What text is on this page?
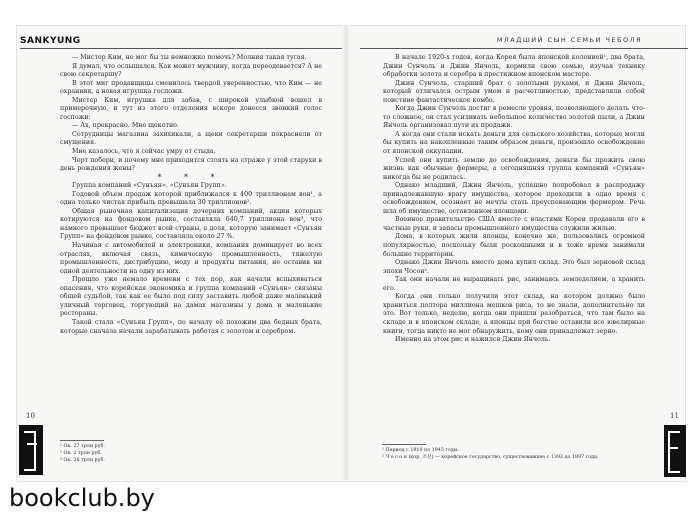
SANKYUNG	МЛАДШИЙ СЫН СЕМЬИ ЧЕБОЛЯ

— Мистер Ким, не мог бы ты немножко помочь? Молния такая тугая.

Я думал, что ослышался. Как может мужчину, когда переодевается? А не свою секретаршу?

В этот миг продавщицы сменилось твердой уверенностью, что Ким — не охранник, а новая игрушка госпожи.

Мистер Ким, игрушка для забав, с широкой улыбкой вошел в примерочную, и тут из этого отделения вскоре донесся звонкий голос госпожи:

— Ах, прекрасно. Мне щекотно.

Сотрудницы магазина захихикали, а щеки секретарши покраснели от смущения.

Мне казалось, что я сейчас умру от стыда.

Черт побери, и почему мне приходится стоять на страже у этой старухи в день рождения жены?

* * *

Группа компаний «Сунъян». «Сунъян Групп».

Годовой объем продаж которой приближался к 400 триллионам вон¹, а одна только чистая прибыль превышала 30 триллионов².

Общая рыночная капитализация дочерних компаний, акции которых котируются на фондовом рынке, составляла 640,7 триллиона вон³, что намного превышает бюджет всей страны, а доля, которую занимает «Сунъян Групп» на фондовом рынке, составляла около 27 %.

Начиная с автомобилей и электроники, компания доминирует во всех отраслях, включая связь, химическую промышленность, тяжелую промышленность, дистрибуцию, моду и продукты питания, не оставив ни одной деятельности на одну из них.

Прошло уже немало времени с тех пор, как начали вспыхиваться опасения, что корейская экономика и группа компаний «Сунъян» связаны общей судьбой, так как ее было под силу заставить любой даже маленький уличный торговец, торгующий на дамах магазины у дома и маленькие рестораны.

Такой стала «Сунъян Групп», по началу её похожим два бедных брата, которые сначала начали зарабатывать работая с золотом и серебром.

В начале 1920-х годов, когда Корея была японской колонией¹, два брата, Джин Сунчоль и Джин Янчоль, кормили свою семью, изучая технику обработки золота и серебра в престижном японском мастере.

Джин Сунчоль, старший брат с золотыми руками, и Джин Янчоль, который отличался острым умом и расчетливостью, представляли собой поистине фантастическое комбо.

Когда Джин Сунчоль достиг в ремесле уровня, позволяющего делать что-то сложное, он стал усиливать небольшое количество золотой пыли, а Джин Янчоль организовал пути их продажи.

А когда они стали искать деньги для сельского хозяйства, которые могли бы купить на накопленные таким образом деньги, произошло освобождение от японской оккупации.

Успей они купить землю до освобождения, деньги бы прожить свою жизнь как обычные фермеры, а сегодняшняя группа компаний «Сунъян» никогда бы не родилась.

Однако младший, Джин Янчоль, успешно попробовал в распродажу принадлежавшую врагу имущества, которое проходили в одно время с освобождением, осознает не мечты стать преуспевающим фермером. Речь шла об имуществе, оставленном японцами.

Военное правительство США вместе с властями Кореи продавали его в частные руки, и запасы промышленного имущества служили жилью.

Дома, в которых жили японцы, конечно же, пользовались огромной популярностью, поскольку были роскошными и в тоже время занимали большие территории.

Однако Джин Янчоль вместо дома купил склад. Это был зерновой склад эпохи Чосон².

Так они начали не выращивать рис, занимаясь земледелием, а хранить его.

Когда они только получили этот склад, на котором должно было храниться полтора миллиона мешков риса, то не знали, дополнительно ли это. Вот только, неделю, когда они пришли разобраться, что там было на складе и в японском складе, а японцы при бегстве оставили все ювелирные книги, тогда никто не мог обнаружить, кому они принадлежат зерно.

Именно на этом рис и нажился Джин Янчоль.

¹ Ок. 27 трлн руб.
² Ок. 2 трлн руб.
³ Ок. 26 трлн руб.
¹ Период с 1910 по 1945 годы.
² Ч о с о н (кор. 조선) — корейское государство, существовавшее с 1392 до 1897 года.
10	11
bookclub.by
